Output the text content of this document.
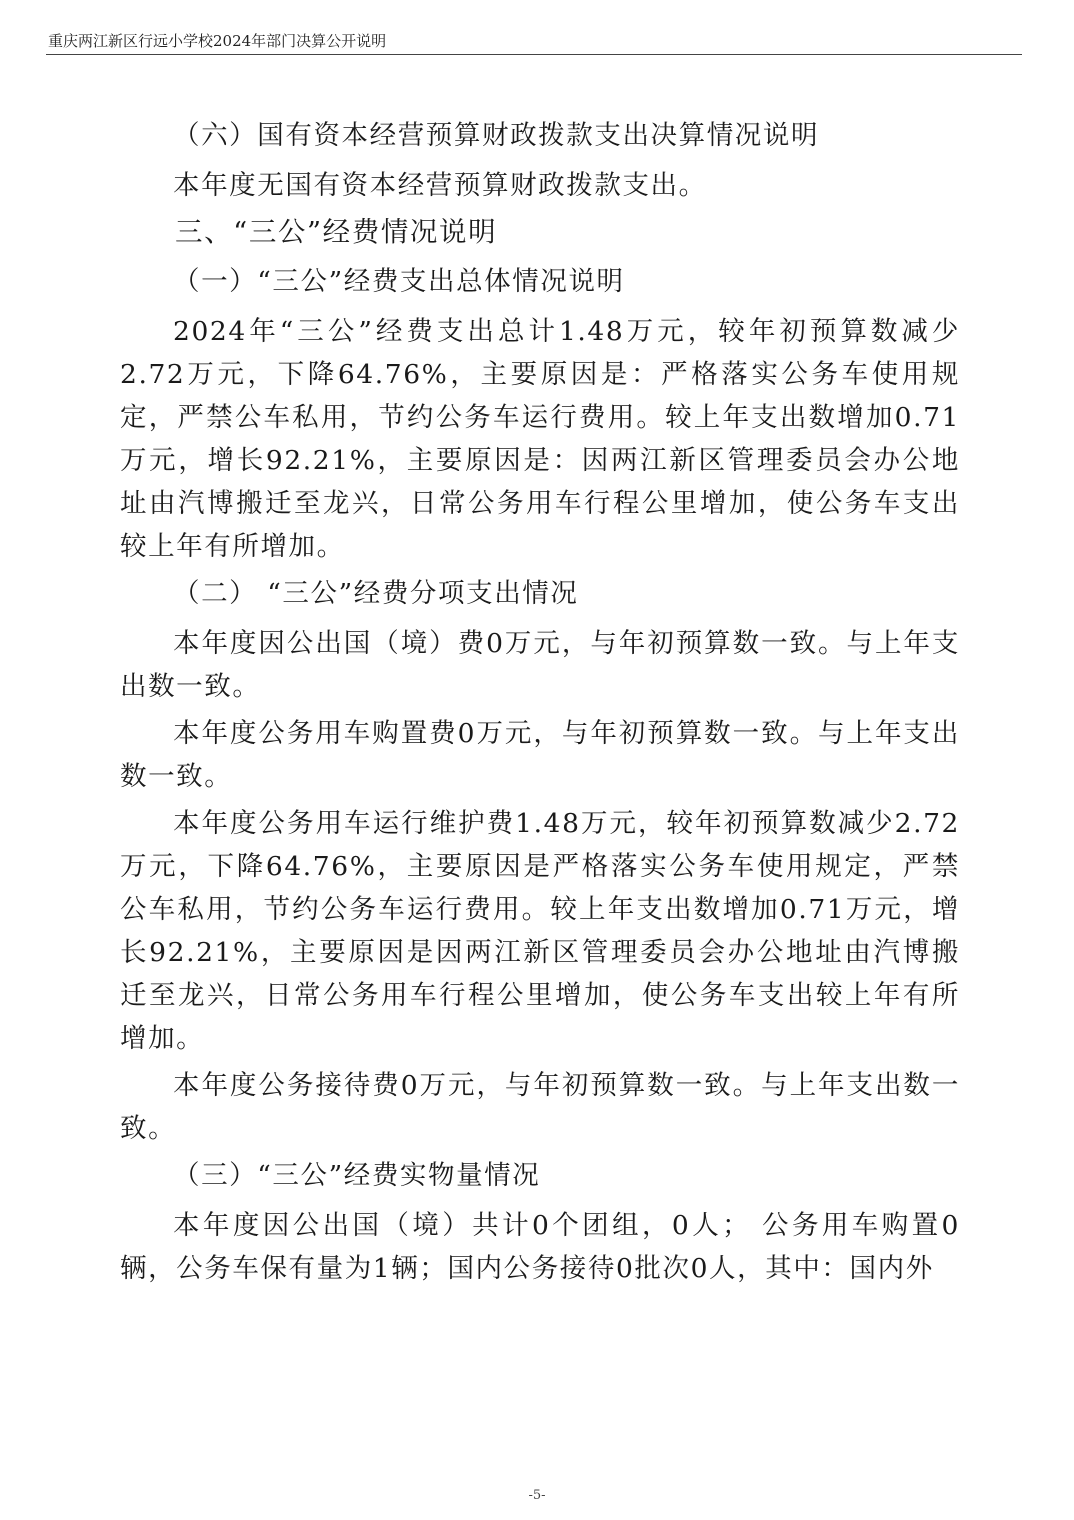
重庆两江新区行远小学校2024年部门决算公开说明

（六）国有资本经营预算财政拨款支出决算情况说明

本年度无国有资本经营预算财政拨款支出。

三、“三公”经费情况说明

（一）“三公”经费支出总体情况说明

2024年“三公”经费支出总计1.48万元，较年初预算数减少2.72万元，下降64.76%，主要原因是：严格落实公务车使用规定，严禁公车私用，节约公务车运行费用。较上年支出数增加0.71万元，增长92.21%，主要原因是：因两江新区管理委员会办公地址由汽博搬迁至龙兴，日常公务用车行程公里增加，使公务车支出较上年有所增加。

（二） “三公”经费分项支出情况

本年度因公出国（境）费0万元，与年初预算数一致。与上年支出数一致。

本年度公务用车购置费0万元，与年初预算数一致。与上年支出数一致。

本年度公务用车运行维护费1.48万元，较年初预算数减少2.72万元，下降64.76%，主要原因是严格落实公务车使用规定，严禁公车私用，节约公务车运行费用。较上年支出数增加0.71万元，增长92.21%，主要原因是因两江新区管理委员会办公地址由汽博搬迁至龙兴，日常公务用车行程公里增加，使公务车支出较上年有所增加。

本年度公务接待费0万元，与年初预算数一致。与上年支出数一致。

（三）“三公”经费实物量情况

本年度因公出国（境）共计0个团组，0人； 公务用车购置0辆，公务车保有量为1辆；国内公务接待0批次0人，其中：国内外

-5-
